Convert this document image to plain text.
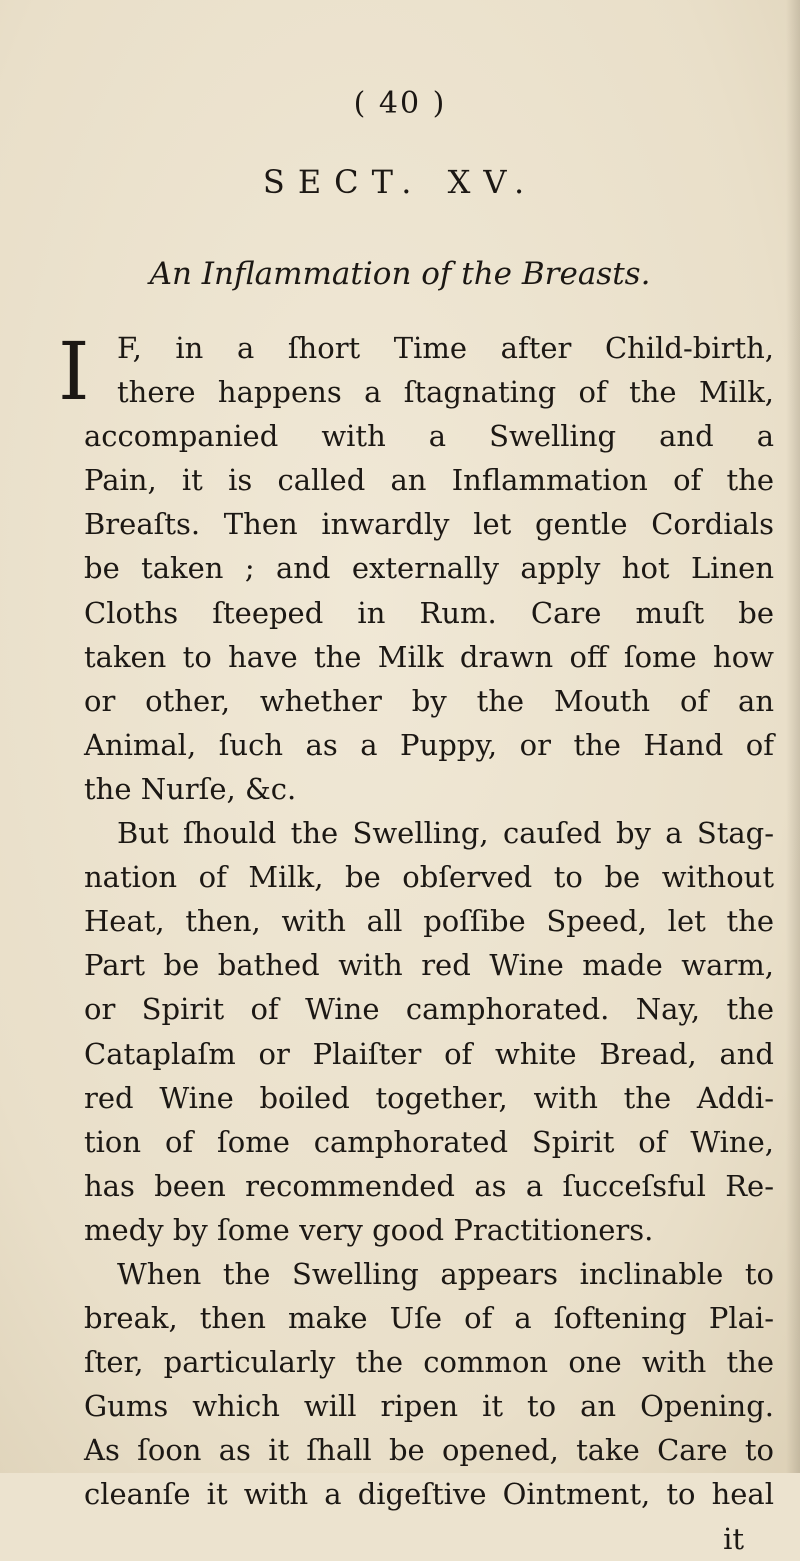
( 40 )
SECT. XV.
An Inflammation of the Breasts.
I F, in a ſhort Time after Child-birth,
there happens a ſtagnating of the Milk,
accompanied with a Swelling and a
Pain, it is called an Inflammation of the
Breaſts. Then inwardly let gentle Cordials
be taken ; and externally apply hot Linen
Cloths ſteeped in Rum. Care muſt be
taken to have the Milk drawn off ſome how
or other, whether by the Mouth of an
Animal, ſuch as a Puppy, or the Hand of
the Nurſe, &c.
But ſhould the Swelling, cauſed by a Stag-
nation of Milk, be obſerved to be without
Heat, then, with all poſſibe Speed, let the
Part be bathed with red Wine made warm,
or Spirit of Wine camphorated. Nay, the
Cataplaſm or Plaiſter of white Bread, and
red Wine boiled together, with the Addi-
tion of ſome camphorated Spirit of Wine,
has been recommended as a ſucceſsful Re-
medy by ſome very good Practitioners.
When the Swelling appears inclinable to
break, then make Uſe of a ſoftening Plai-
ſter, particularly the common one with the
Gums which will ripen it to an Opening.
As ſoon as it ſhall be opened, take Care to
cleanſe it with a digeſtive Ointment, to heal
it
